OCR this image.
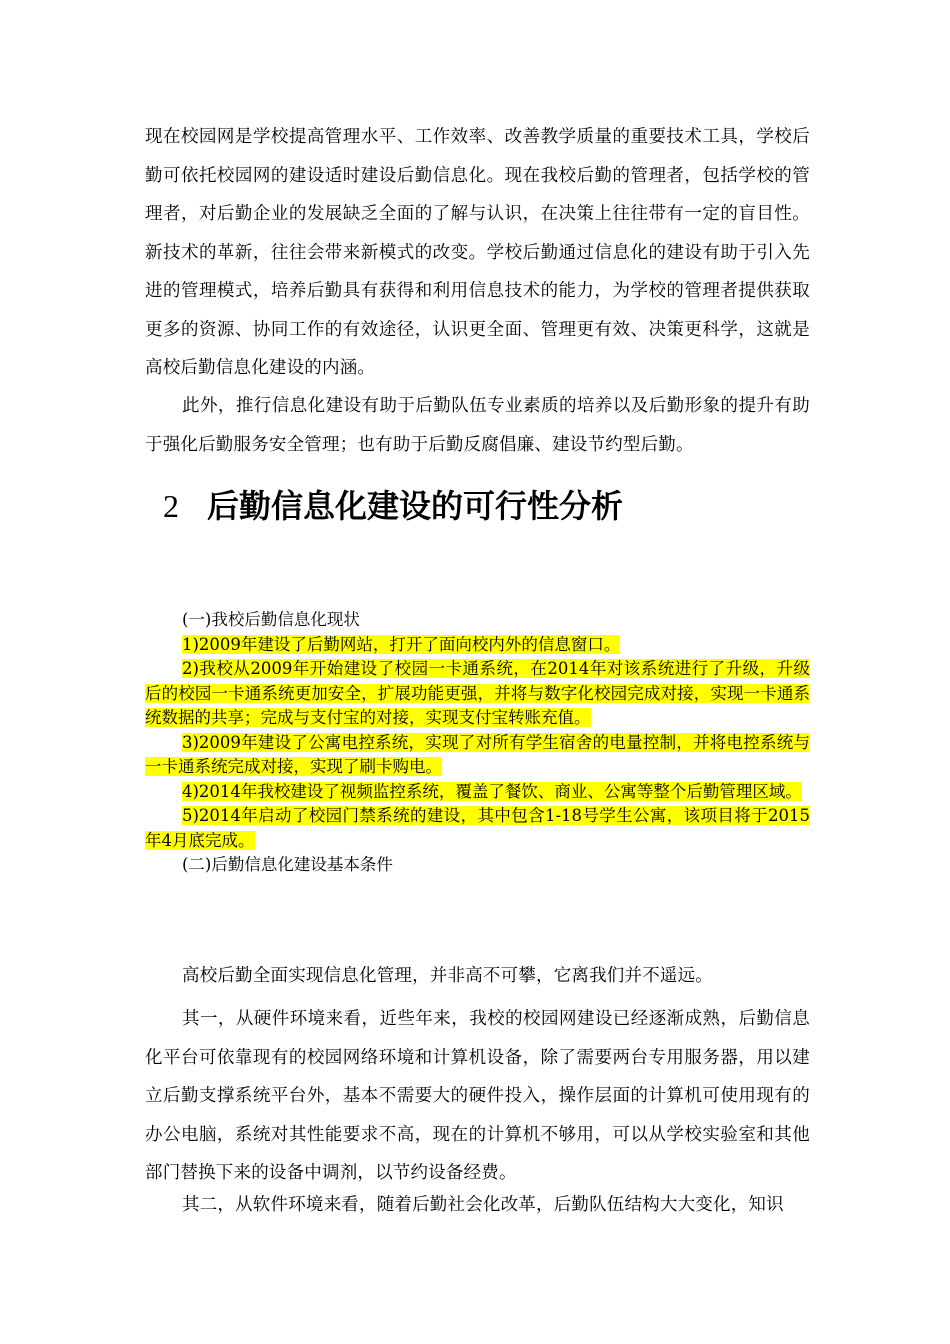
现在校园网是学校提高管理水平、工作效率、改善教学质量的重要技术工具，学校后勤可依托校园网的建设适时建设后勤信息化。现在我校后勤的管理者，包括学校的管理者，对后勤企业的发展缺乏全面的了解与认识，在决策上往往带有一定的盲目性。新技术的革新，往往会带来新模式的改变。学校后勤通过信息化的建设有助于引入先进的管理模式，培养后勤具有获得和利用信息技术的能力，为学校的管理者提供获取更多的资源、协同工作的有效途径，认识更全面、管理更有效、决策更科学，这就是高校后勤信息化建设的内涵。

此外，推行信息化建设有助于后勤队伍专业素质的培养以及后勤形象的提升有助于强化后勤服务安全管理；也有助于后勤反腐倡廉、建设节约型后勤。

2 后勤信息化建设的可行性分析
(一)我校后勤信息化现状
1)2009年建设了后勤网站，打开了面向校内外的信息窗口。
2)我校从2009年开始建设了校园一卡通系统，在2014年对该系统进行了升级，升级后的校园一卡通系统更加安全，扩展功能更强，并将与数字化校园完成对接，实现一卡通系统数据的共享；完成与支付宝的对接，实现支付宝转账充值。
3)2009年建设了公寓电控系统，实现了对所有学生宿舍的电量控制，并将电控系统与一卡通系统完成对接，实现了刷卡购电。
4)2014年我校建设了视频监控系统，覆盖了餐饮、商业、公寓等整个后勤管理区域。
5)2014年启动了校园门禁系统的建设，其中包含1-18号学生公寓，该项目将于2015年4月底完成。
(二)后勤信息化建设基本条件

高校后勤全面实现信息化管理，并非高不可攀，它离我们并不遥远。

其一，从硬件环境来看，近些年来，我校的校园网建设已经逐渐成熟，后勤信息化平台可依靠现有的校园网络环境和计算机设备，除了需要两台专用服务器，用以建立后勤支撑系统平台外，基本不需要大的硬件投入，操作层面的计算机可使用现有的办公电脑，系统对其性能要求不高，现在的计算机不够用，可以从学校实验室和其他部门替换下来的设备中调剂，以节约设备经费。

其二，从软件环境来看，随着后勤社会化改革，后勤队伍结构大大变化，知识
